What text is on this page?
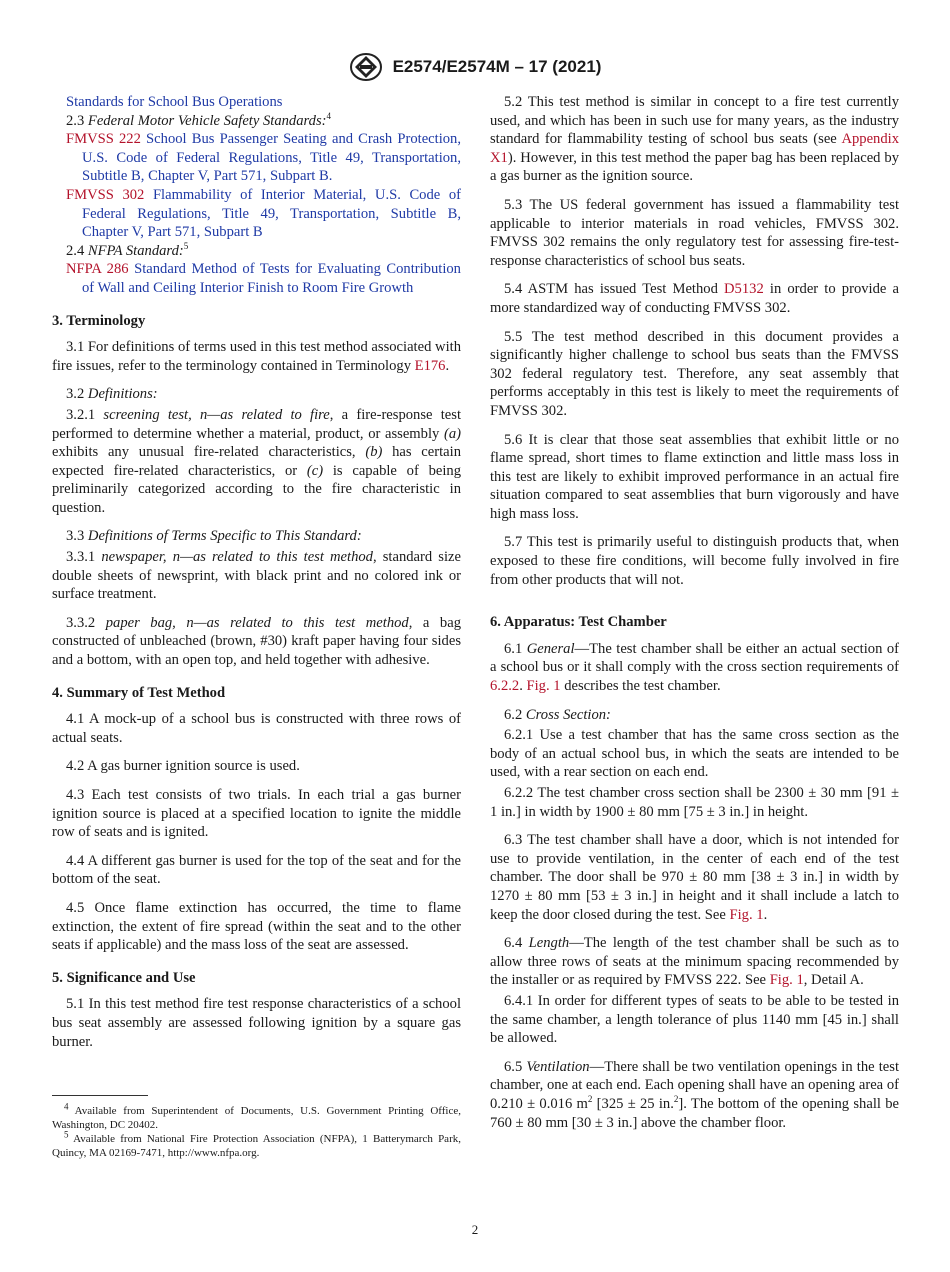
E2574/E2574M – 17 (2021)

Standards for School Bus Operations

2.3 Federal Motor Vehicle Safety Standards:$^4$

FMVSS 222 School Bus Passenger Seating and Crash Protection, U.S. Code of Federal Regulations, Title 49, Transportation, Subtitle B, Chapter V, Part 571, Subpart B.

FMVSS 302 Flammability of Interior Material, U.S. Code of Federal Regulations, Title 49, Transportation, Subtitle B, Chapter V, Part 571, Subpart B

2.4 NFPA Standard:$^5$

NFPA 286 Standard Method of Tests for Evaluating Contribution of Wall and Ceiling Interior Finish to Room Fire Growth

3. Terminology

3.1 For definitions of terms used in this test method associated with fire issues, refer to the terminology contained in Terminology E176.

3.2 Definitions:

3.2.1 screening test, n—as related to fire, a fire-response test performed to determine whether a material, product, or assembly (a) exhibits any unusual fire-related characteristics, (b) has certain expected fire-related characteristics, or (c) is capable of being preliminarily categorized according to the fire characteristic in question.

3.3 Definitions of Terms Specific to This Standard:

3.3.1 newspaper, n—as related to this test method, standard size double sheets of newsprint, with black print and no colored ink or surface treatment.

3.3.2 paper bag, n—as related to this test method, a bag constructed of unbleached (brown, #30) kraft paper having four sides and a bottom, with an open top, and held together with adhesive.

4. Summary of Test Method

4.1 A mock-up of a school bus is constructed with three rows of actual seats.

4.2 A gas burner ignition source is used.

4.3 Each test consists of two trials. In each trial a gas burner ignition source is placed at a specified location to ignite the middle row of seats and is ignited.

4.4 A different gas burner is used for the top of the seat and for the bottom of the seat.

4.5 Once flame extinction has occurred, the time to flame extinction, the extent of fire spread (within the seat and to the other seats if applicable) and the mass loss of the seat are assessed.

5. Significance and Use

5.1 In this test method fire test response characteristics of a school bus seat assembly are assessed following ignition by a square gas burner.

$^4$ Available from Superintendent of Documents, U.S. Government Printing Office, Washington, DC 20402.

$^5$ Available from National Fire Protection Association (NFPA), 1 Batterymarch Park, Quincy, MA 02169-7471, http://www.nfpa.org.

5.2 This test method is similar in concept to a fire test currently used, and which has been in such use for many years, as the industry standard for flammability testing of school bus seats (see Appendix X1). However, in this test method the paper bag has been replaced by a gas burner as the ignition source.

5.3 The US federal government has issued a flammability test applicable to interior materials in road vehicles, FMVSS 302. FMVSS 302 remains the only regulatory test for assessing fire-test-response characteristics of school bus seats.

5.4 ASTM has issued Test Method D5132 in order to provide a more standardized way of conducting FMVSS 302.

5.5 The test method described in this document provides a significantly higher challenge to school bus seats than the FMVSS 302 federal regulatory test. Therefore, any seat assembly that performs acceptably in this test is likely to meet the requirements of FMVSS 302.

5.6 It is clear that those seat assemblies that exhibit little or no flame spread, short times to flame extinction and little mass loss in this test are likely to exhibit improved performance in an actual fire situation compared to seat assemblies that burn vigorously and have high mass loss.

5.7 This test is primarily useful to distinguish products that, when exposed to these fire conditions, will become fully involved in fire from other products that will not.

6. Apparatus: Test Chamber

6.1 General—The test chamber shall be either an actual section of a school bus or it shall comply with the cross section requirements of 6.2.2. Fig. 1 describes the test chamber.

6.2 Cross Section:

6.2.1 Use a test chamber that has the same cross section as the body of an actual school bus, in which the seats are intended to be used, with a rear section on each end.

6.2.2 The test chamber cross section shall be 2300 ± 30 mm [91 ± 1 in.] in width by 1900 ± 80 mm [75 ± 3 in.] in height.

6.3 The test chamber shall have a door, which is not intended for use to provide ventilation, in the center of each end of the test chamber. The door shall be 970 ± 80 mm [38 ± 3 in.] in width by 1270 ± 80 mm [53 ± 3 in.] in height and it shall include a latch to keep the door closed during the test. See Fig. 1.

6.4 Length—The length of the test chamber shall be such as to allow three rows of seats at the minimum spacing recommended by the installer or as required by FMVSS 222. See Fig. 1, Detail A.

6.4.1 In order for different types of seats to be able to be tested in the same chamber, a length tolerance of plus 1140 mm [45 in.] shall be allowed.

6.5 Ventilation—There shall be two ventilation openings in the test chamber, one at each end. Each opening shall have an opening area of 0.210 ± 0.016 $m^2$ [325 ± 25 in.$^2$]. The bottom of the opening shall be 760 ± 80 mm [30 ± 3 in.] above the chamber floor.

2
